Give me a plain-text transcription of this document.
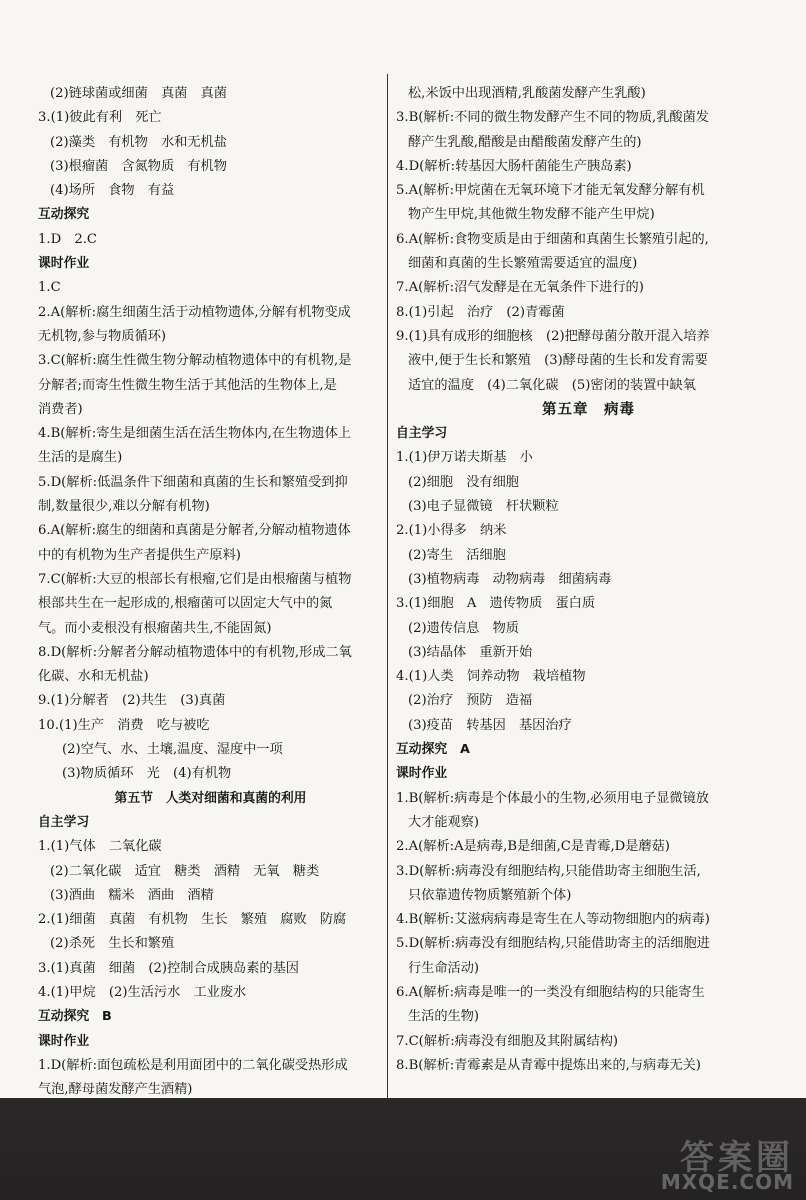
(2)链球菌或细菌　真菌　真菌
3.(1)彼此有利　死亡
(2)藻类　有机物　水和无机盐
(3)根瘤菌　含氮物质　有机物
(4)场所　食物　有益
互动探究
1.D　2.C
课时作业
1.C
2.A(解析:腐生细菌生活于动植物遗体,分解有机物变成
无机物,参与物质循环)
3.C(解析:腐生性微生物分解动植物遗体中的有机物,是
分解者;而寄生性微生物生活于其他活的生物体上,是
消费者)
4.B(解析:寄生是细菌生活在活生物体内,在生物遗体上
生活的是腐生)
5.D(解析:低温条件下细菌和真菌的生长和繁殖受到抑
制,数量很少,难以分解有机物)
6.A(解析:腐生的细菌和真菌是分解者,分解动植物遗体
中的有机物为生产者提供生产原料)
7.C(解析:大豆的根部长有根瘤,它们是由根瘤菌与植物
根部共生在一起形成的,根瘤菌可以固定大气中的氮
气。而小麦根没有根瘤菌共生,不能固氮)
8.D(解析:分解者分解动植物遗体中的有机物,形成二氧
化碳、水和无机盐)
9.(1)分解者　(2)共生　(3)真菌
10.(1)生产　消费　吃与被吃
(2)空气、水、土壤,温度、湿度中一项
(3)物质循环　光　(4)有机物
第五节　人类对细菌和真菌的利用
自主学习
1.(1)气体　二氧化碳
(2)二氧化碳　适宜　糖类　酒精　无氧　糖类
(3)酒曲　糯米　酒曲　酒精
2.(1)细菌　真菌　有机物　生长　繁殖　腐败　防腐
(2)杀死　生长和繁殖
3.(1)真菌　细菌　(2)控制合成胰岛素的基因
4.(1)甲烷　(2)生活污水　工业废水
互动探究　B
课时作业
1.D(解析:面包疏松是利用面团中的二氧化碳受热形成
气泡,酵母菌发酵产生酒精)
松,米饭中出现酒精,乳酸菌发酵产生乳酸)
3.B(解析:不同的微生物发酵产生不同的物质,乳酸菌发
酵产生乳酸,醋酸是由醋酸菌发酵产生的)
4.D(解析:转基因大肠杆菌能生产胰岛素)
5.A(解析:甲烷菌在无氧环境下才能无氧发酵分解有机
物产生甲烷,其他微生物发酵不能产生甲烷)
6.A(解析:食物变质是由于细菌和真菌生长繁殖引起的,
细菌和真菌的生长繁殖需要适宜的温度)
7.A(解析:沼气发酵是在无氧条件下进行的)
8.(1)引起　治疗　(2)青霉菌
9.(1)具有成形的细胞核　(2)把酵母菌分散开混入培养
液中,便于生长和繁殖　(3)酵母菌的生长和发育需要
适宜的温度　(4)二氧化碳　(5)密闭的装置中缺氧
第五章　病毒
自主学习
1.(1)伊万诺夫斯基　小
(2)细胞　没有细胞
(3)电子显微镜　杆状颗粒
2.(1)小得多　纳米
(2)寄生　活细胞
(3)植物病毒　动物病毒　细菌病毒
3.(1)细胞　A　遗传物质　蛋白质
(2)遗传信息　物质
(3)结晶体　重新开始
4.(1)人类　饲养动物　栽培植物
(2)治疗　预防　造福
(3)疫苗　转基因　基因治疗
互动探究　A
课时作业
1.B(解析:病毒是个体最小的生物,必须用电子显微镜放
大才能观察)
2.A(解析:A是病毒,B是细菌,C是青霉,D是蘑菇)
3.D(解析:病毒没有细胞结构,只能借助寄主细胞生活,
只依靠遗传物质繁殖新个体)
4.B(解析:艾滋病病毒是寄生在人等动物细胞内的病毒)
5.D(解析:病毒没有细胞结构,只能借助寄主的活细胞进
行生命活动)
6.A(解析:病毒是唯一的一类没有细胞结构的只能寄生
生活的生物)
7.C(解析:病毒没有细胞及其附属结构)
8.B(解析:青霉素是从青霉中提炼出来的,与病毒无关)
答案圈
MXQE.COM
